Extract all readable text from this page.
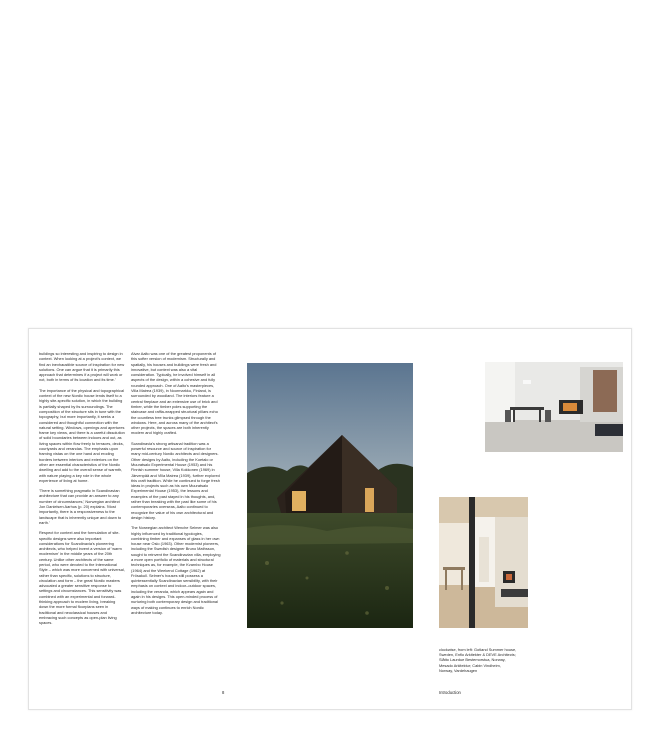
buildings so interesting and inspiring to design in context. When looking at a project's context, we find an inexhaustible source of inspiration for new solutions. One can argue that it is primarily this approach that determines if a project will work or not, both in terms of its location and its time.'

The importance of the physical and topographical context of the new Nordic house lends itself to a highly site-specific solution, in which the building is partially shaped by its surroundings. The composition of the structure sits in tune with the topography, but more importantly, it seeks a considered and thoughtful connection with the natural setting. Windows, openings and apertures frame key views, and there is a careful dissolution of solid boundaries between indoors and out, as living spaces within flow freely to terraces, decks, courtyards and verandas. The emphasis upon framing vistas on the one hand and eroding borders between interiors and exteriors on the other are essential characteristics of the Nordic dwelling and add to the overall sense of warmth, with nature playing a key role in the whole experience of living at home.

'There is something pragmatic in Scandinavian architecture that can provide an answer to any number of circumstances,' Norwegian architect Jon Danielsen Aarhus (p. 20) explains. 'Most importantly, there is a responsiveness to the landscape that is inherently unique and down to earth.'

Respect for context and the formulation of site-specific designs were also important considerations for Scandinavia's pioneering architects, who helped invent a version of 'warm modernism' in the middle years of the 20th century. Unlike other architects of the same period, who were devoted to the International Style – which was more concerned with universal, rather than specific, solutions to structure, circulation and form – the great Nordic masters advocated a greater sensitive response to settings and circumstances. This sensitivity was combined with an experimental and forward-thinking approach to modern living, breaking down the more formal floorplans seen in traditional and neoclassical houses and embracing such concepts as open-plan living spaces.

Alvar Aalto was one of the greatest proponents of this softer version of modernism. Structurally and spatially, his houses and buildings were fresh and innovative, but context was also a vital consideration. Typically, he involved himself in all aspects of the design, within a cohesive and fully rounded approach. One of Aalto's masterpieces, Villa Mairea (1939), in Noormarkku, Finland, is surrounded by woodland. The interiors feature a central fireplace and an extensive use of brick and timber, while the timber poles supporting the staircase and raffia-wrapped structural pillars echo the countless tree trunks glimpsed through the windows. Here, and across many of the architect's other projects, the spaces are both inherently modern and highly crafted.

Scandinavia's strong artisanal tradition was a powerful resource and source of inspiration for many mid-century Nordic architects and designers. Other designs by Aalto, including the Koetalo or Muuratsalo Experimental House (1953) and his Finnish summer house, Villa Kokkonen (1969) in Järvenpää and Villa Mairea (1939), further explored this craft tradition. While he continued to forge fresh ideas in projects such as his own Muuratsalo Experimental House (1953), the lessons and examples of the past stayed in his thoughts, and, rather than breaking with the past like some of his contemporaries overseas, Aalto continued to recognize the value of his own architectural and design history.

The Norwegian architect Wenche Selmer was also highly influenced by traditional typologies, combining timber and expanses of glass in her own house near Oslo (1963). Other modernist pioneers, including the Swedish designer Bruno Mathsson, sought to reinvent the Scandinavian villa, employing a more open portfolio of materials and structural techniques as, for example, the Kvarnbo House (1964) and the Weekend Cottage (1962) at Frösakull. Selmer's houses still possess a quintessentially Scandinavian sensibility, with their emphasis on context and indoor–outdoor spaces, including the veranda, which appears again and again in his designs. This open-minded process of nurturing both contemporary design and traditional ways of making continues to enrich Nordic architecture today.

8
clockwise, from left: Gotland Summer house,
Sweden, Enflo Arkitekter & DEVE Architects;
Slåtto Laurdue Bestemorstua, Norway,
Mesado Arkitektur; Cabin Vindheim,
Norway, Vardehaugen
Introduction
